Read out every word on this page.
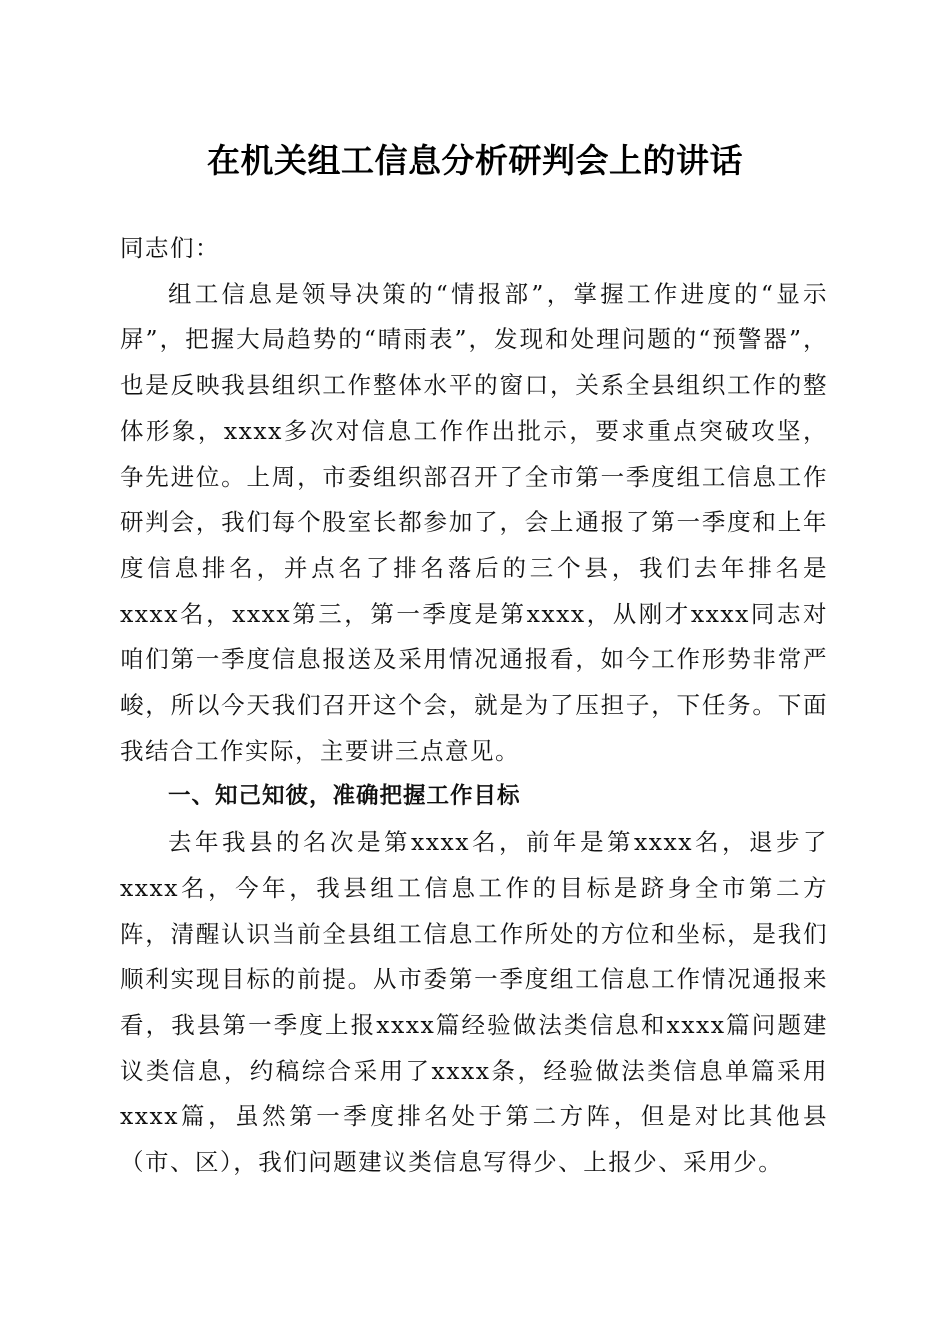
在机关组工信息分析研判会上的讲话

同志们：

组工信息是领导决策的“情报部”，掌握工作进度的“显示屏”，把握大局趋势的“晴雨表”，发现和处理问题的“预警器”，也是反映我县组织工作整体水平的窗口，关系全县组织工作的整体形象，xxxx多次对信息工作作出批示，要求重点突破攻坚，争先进位。上周，市委组织部召开了全市第一季度组工信息工作研判会，我们每个股室长都参加了，会上通报了第一季度和上年度信息排名，并点名了排名落后的三个县，我们去年排名是xxxx名，xxxx第三，第一季度是第xxxx，从刚才xxxx同志对咱们第一季度信息报送及采用情况通报看，如今工作形势非常严峻，所以今天我们召开这个会，就是为了压担子，下任务。下面我结合工作实际，主要讲三点意见。

一、知己知彼，准确把握工作目标

去年我县的名次是第xxxx名，前年是第xxxx名，退步了xxxx名，今年，我县组工信息工作的目标是跻身全市第二方阵，清醒认识当前全县组工信息工作所处的方位和坐标，是我们顺利实现目标的前提。从市委第一季度组工信息工作情况通报来看，我县第一季度上报xxxx篇经验做法类信息和xxxx篇问题建议类信息，约稿综合采用了xxxx条，经验做法类信息单篇采用xxxx篇，虽然第一季度排名处于第二方阵，但是对比其他县（市、区），我们问题建议类信息写得少、上报少、采用少。
